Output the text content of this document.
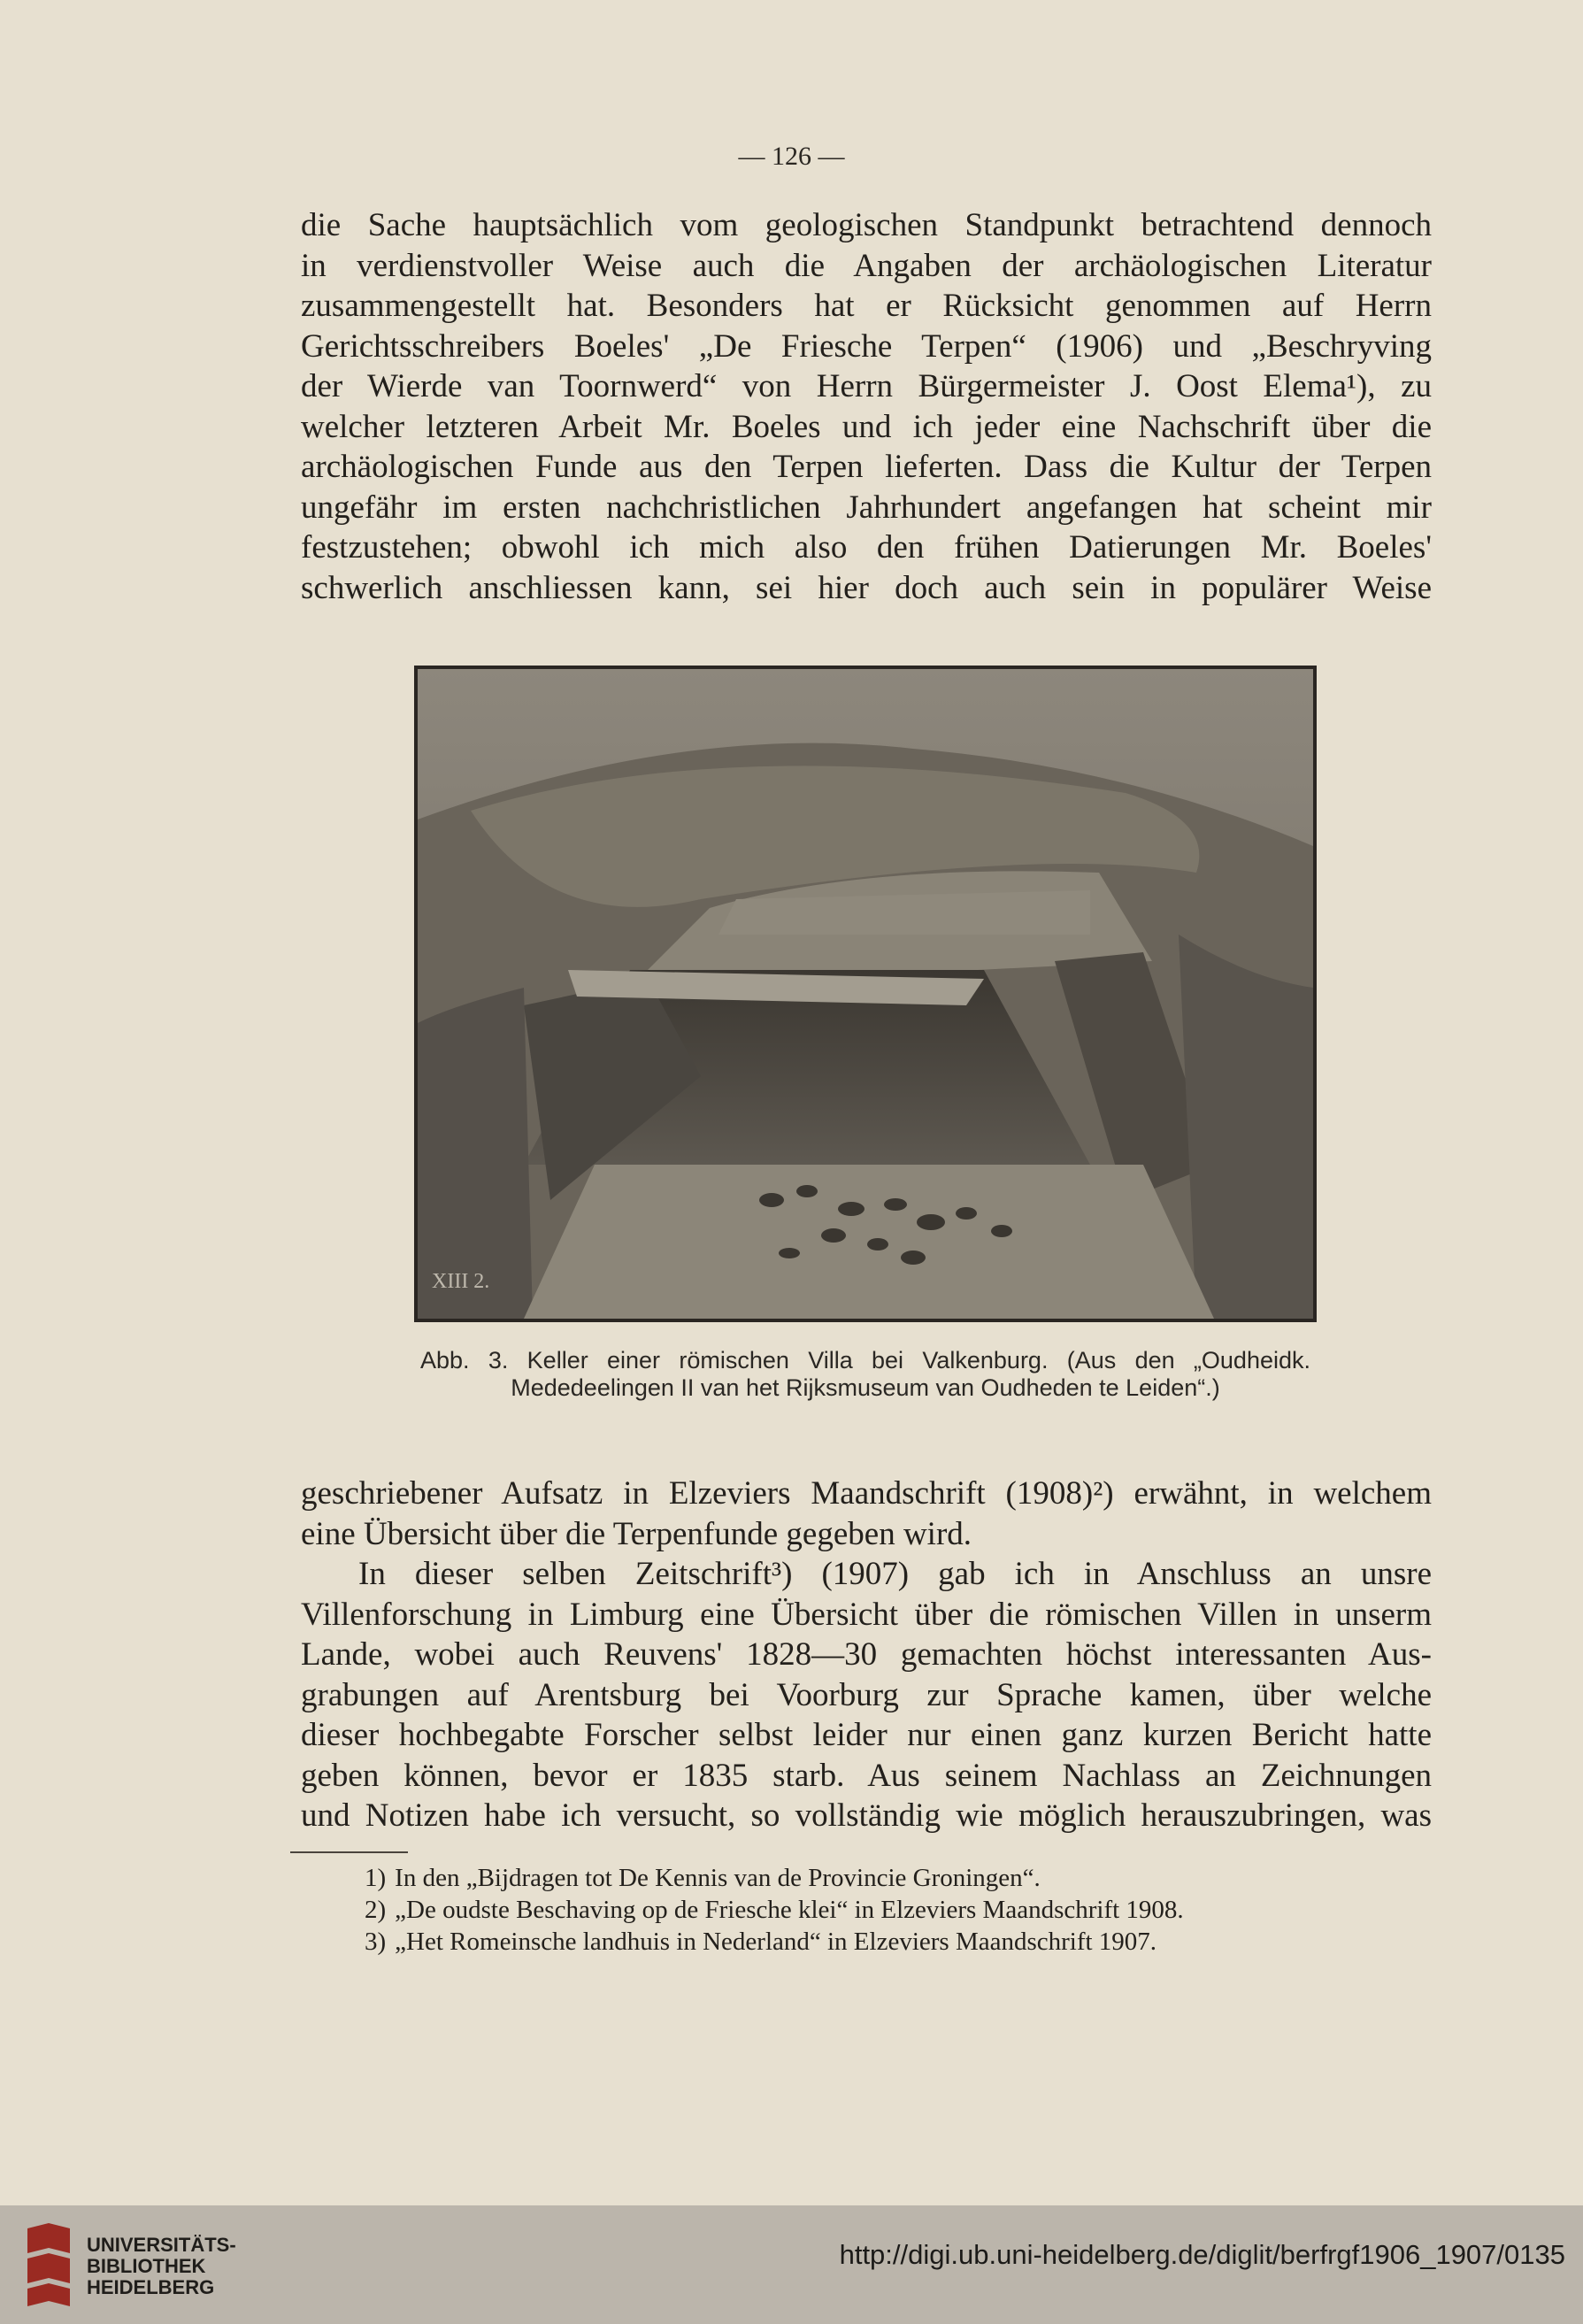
— 126 —

die Sache hauptsächlich vom geologischen Standpunkt betrachtend dennoch

in verdienstvoller Weise auch die Angaben der archäologischen Literatur

zusammengestellt hat. Besonders hat er Rücksicht genommen auf Herrn

Gerichtsschreibers Boeles' „De Friesche Terpen“ (1906) und „Beschryving

der Wierde van Toornwerd“ von Herrn Bürgermeister J. Oost Elema¹), zu

welcher letzteren Arbeit Mr. Boeles und ich jeder eine Nachschrift über die

archäologischen Funde aus den Terpen lieferten. Dass die Kultur der Terpen

ungefähr im ersten nachchristlichen Jahrhundert angefangen hat scheint mir

festzustehen; obwohl ich mich also den frühen Datierungen Mr. Boeles'

schwerlich anschliessen kann, sei hier doch auch sein in populärer Weise

XIII 2.
Abb. 3. Keller einer römischen Villa bei Valkenburg. (Aus den „Oudheidk. Mededeelingen II van het Rijksmuseum van Oudheden te Leiden“.)

geschriebener Aufsatz in Elzeviers Maandschrift (1908)²) erwähnt, in welchem

eine Übersicht über die Terpenfunde gegeben wird.

In dieser selben Zeitschrift³) (1907) gab ich in Anschluss an unsre

Villenforschung in Limburg eine Übersicht über die römischen Villen in unserm

Lande, wobei auch Reuvens' 1828—30 gemachten höchst interessanten Aus-

grabungen auf Arentsburg bei Voorburg zur Sprache kamen, über welche

dieser hochbegabte Forscher selbst leider nur einen ganz kurzen Bericht hatte

geben können, bevor er 1835 starb. Aus seinem Nachlass an Zeichnungen

und Notizen habe ich versucht, so vollständig wie möglich herauszubringen, was

1) In den „Bijdragen tot De Kennis van de Provincie Groningen“.
2) „De oudste Beschaving op de Friesche klei“ in Elzeviers Maandschrift 1908.
3) „Het Romeinsche landhuis in Nederland“ in Elzeviers Maandschrift 1907.
UNIVERSITÄTS-
BIBLIOTHEK
HEIDELBERG
http://digi.ub.uni-heidelberg.de/diglit/berfrgf1906_1907/0135
